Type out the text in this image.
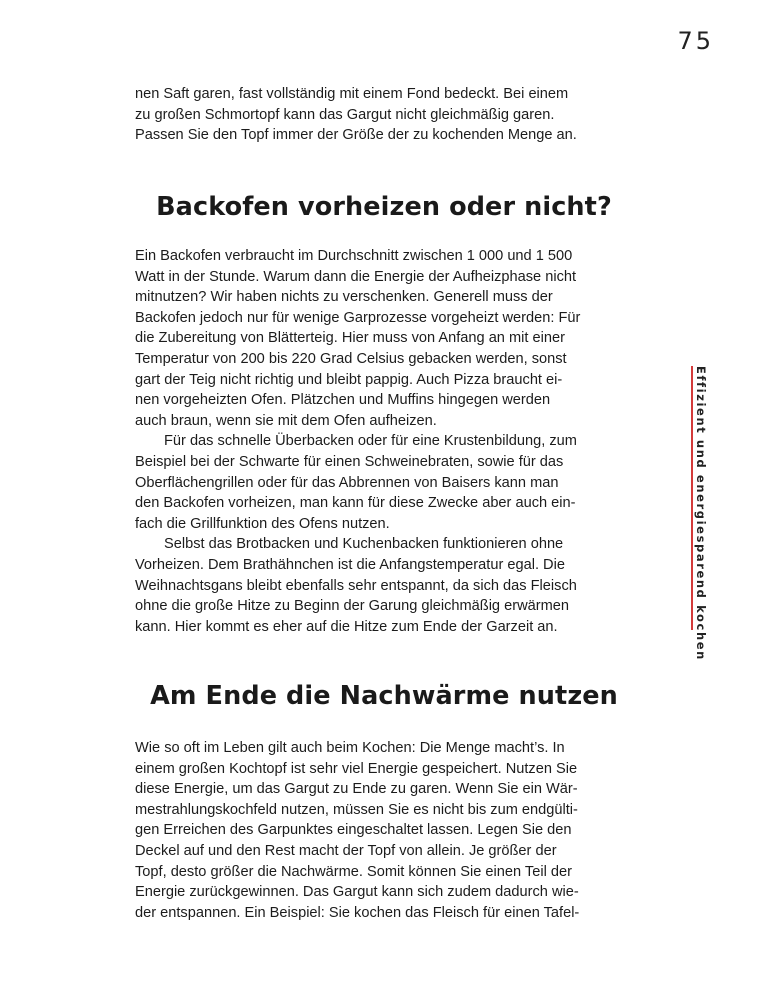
75
Effizient und energiesparend kochen
nen Saft garen, fast vollständig mit einem Fond bedeckt. Bei einem
zu großen Schmortopf kann das Gargut nicht gleichmäßig garen.
Passen Sie den Topf immer der Größe der zu kochenden Menge an.
Backofen vorheizen oder nicht?
Ein Backofen verbraucht im Durchschnitt zwischen 1 000 und 1 500
Watt in der Stunde. Warum dann die Energie der Aufheizphase nicht
mitnutzen? Wir haben nichts zu verschenken. Generell muss der
Backofen jedoch nur für wenige Garprozesse vorgeheizt werden: Für
die Zubereitung von Blätterteig. Hier muss von Anfang an mit einer
Temperatur von 200 bis 220 Grad Celsius gebacken werden, sonst
gart der Teig nicht richtig und bleibt pappig. Auch Pizza braucht ei-
nen vorgeheizten Ofen. Plätzchen und Muffins hingegen werden
auch braun, wenn sie mit dem Ofen aufheizen.
Für das schnelle Überbacken oder für eine Krustenbildung, zum
Beispiel bei der Schwarte für einen Schweinebraten, sowie für das
Oberflächengrillen oder für das Abbrennen von Baisers kann man
den Backofen vorheizen, man kann für diese Zwecke aber auch ein-
fach die Grillfunktion des Ofens nutzen.
Selbst das Brotbacken und Kuchenbacken funktionieren ohne
Vorheizen. Dem Brathähnchen ist die Anfangstemperatur egal. Die
Weihnachtsgans bleibt ebenfalls sehr entspannt, da sich das Fleisch
ohne die große Hitze zu Beginn der Garung gleichmäßig erwärmen
kann. Hier kommt es eher auf die Hitze zum Ende der Garzeit an.
Am Ende die Nachwärme nutzen
Wie so oft im Leben gilt auch beim Kochen: Die Menge macht’s. In
einem großen Kochtopf ist sehr viel Energie gespeichert. Nutzen Sie
diese Energie, um das Gargut zu Ende zu garen. Wenn Sie ein Wär-
mestrahlungskochfeld nutzen, müssen Sie es nicht bis zum endgülti-
gen Erreichen des Garpunktes eingeschaltet lassen. Legen Sie den
Deckel auf und den Rest macht der Topf von allein. Je größer der
Topf, desto größer die Nachwärme. Somit können Sie einen Teil der
Energie zurückgewinnen. Das Gargut kann sich zudem dadurch wie-
der entspannen. Ein Beispiel: Sie kochen das Fleisch für einen Tafel-
